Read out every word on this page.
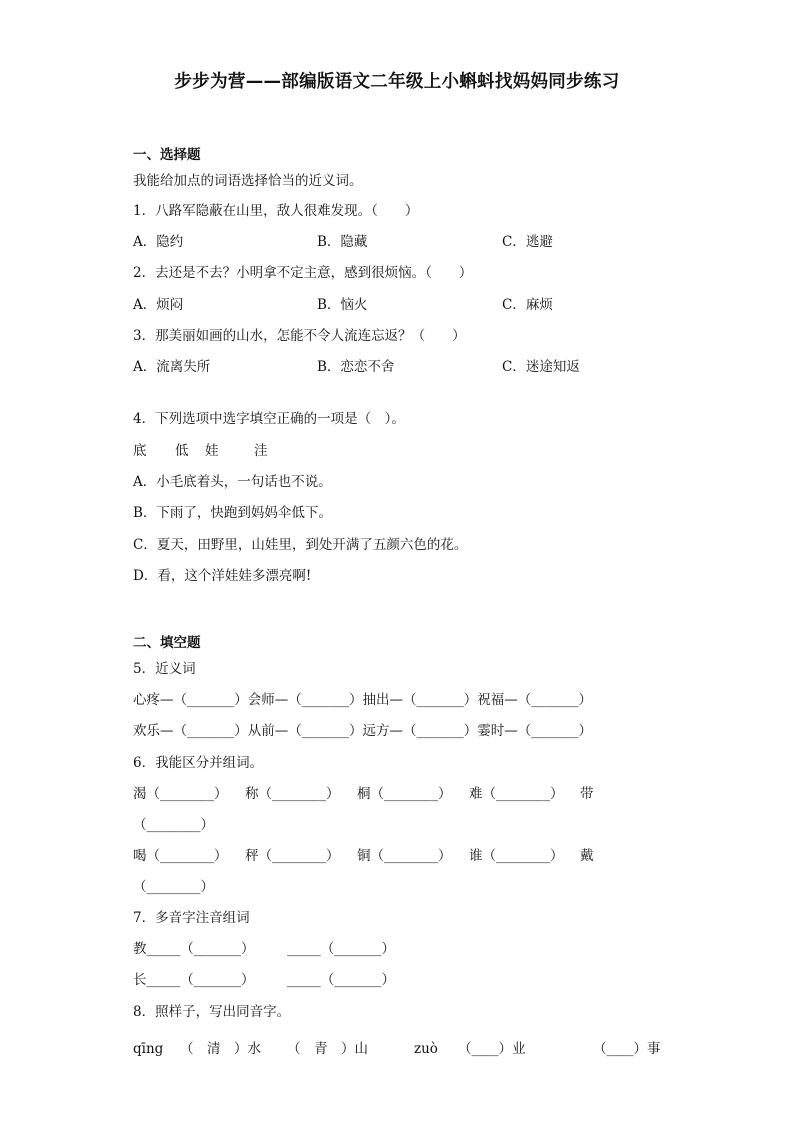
步步为营——部编版语文二年级上小蝌蚪找妈妈同步练习
一、选择题
我能给加点的词语选择恰当的近义词。
1．八路军隐蔽在山里，敌人很难发现。（　　）
A．隐约	B．隐藏	C．逃避
2．去还是不去？小明拿不定主意，感到很烦恼。（　　）
A．烦闷	B．恼火	C．麻烦
3．那美丽如画的山水，怎能不令人流连忘返？（　　）
A．流离失所	B．恋恋不舍	C．迷途知返
4．下列选项中选字填空正确的一项是（　）。
底 低 娃	洼
A．小毛底着头，一句话也不说。
B．下雨了，快跑到妈妈伞低下。
C．夏天，田野里，山娃里，到处开满了五颜六色的花。
D．看，这个洋娃娃多漂亮啊!
二、填空题
5．近义词
心疼—（_______）会师—（_______）抽出—（_______）祝福—（_______）
欢乐—（_______）从前—（_______）远方—（_______）霎时—（_______）
6．我能区分并组词。
渴（________） 称（________） 桐（________） 难（________） 带
（________）
喝（________） 秤（________） 铜（________） 谁（________） 戴
（________）
7．多音字注音组词
教_____（_______） _____（_______）
长_____（_______） _____（_______）
8．照样子，写出同音字。
qīng （　清　）水 （　青　）山	zuò （____）业	（____）事
